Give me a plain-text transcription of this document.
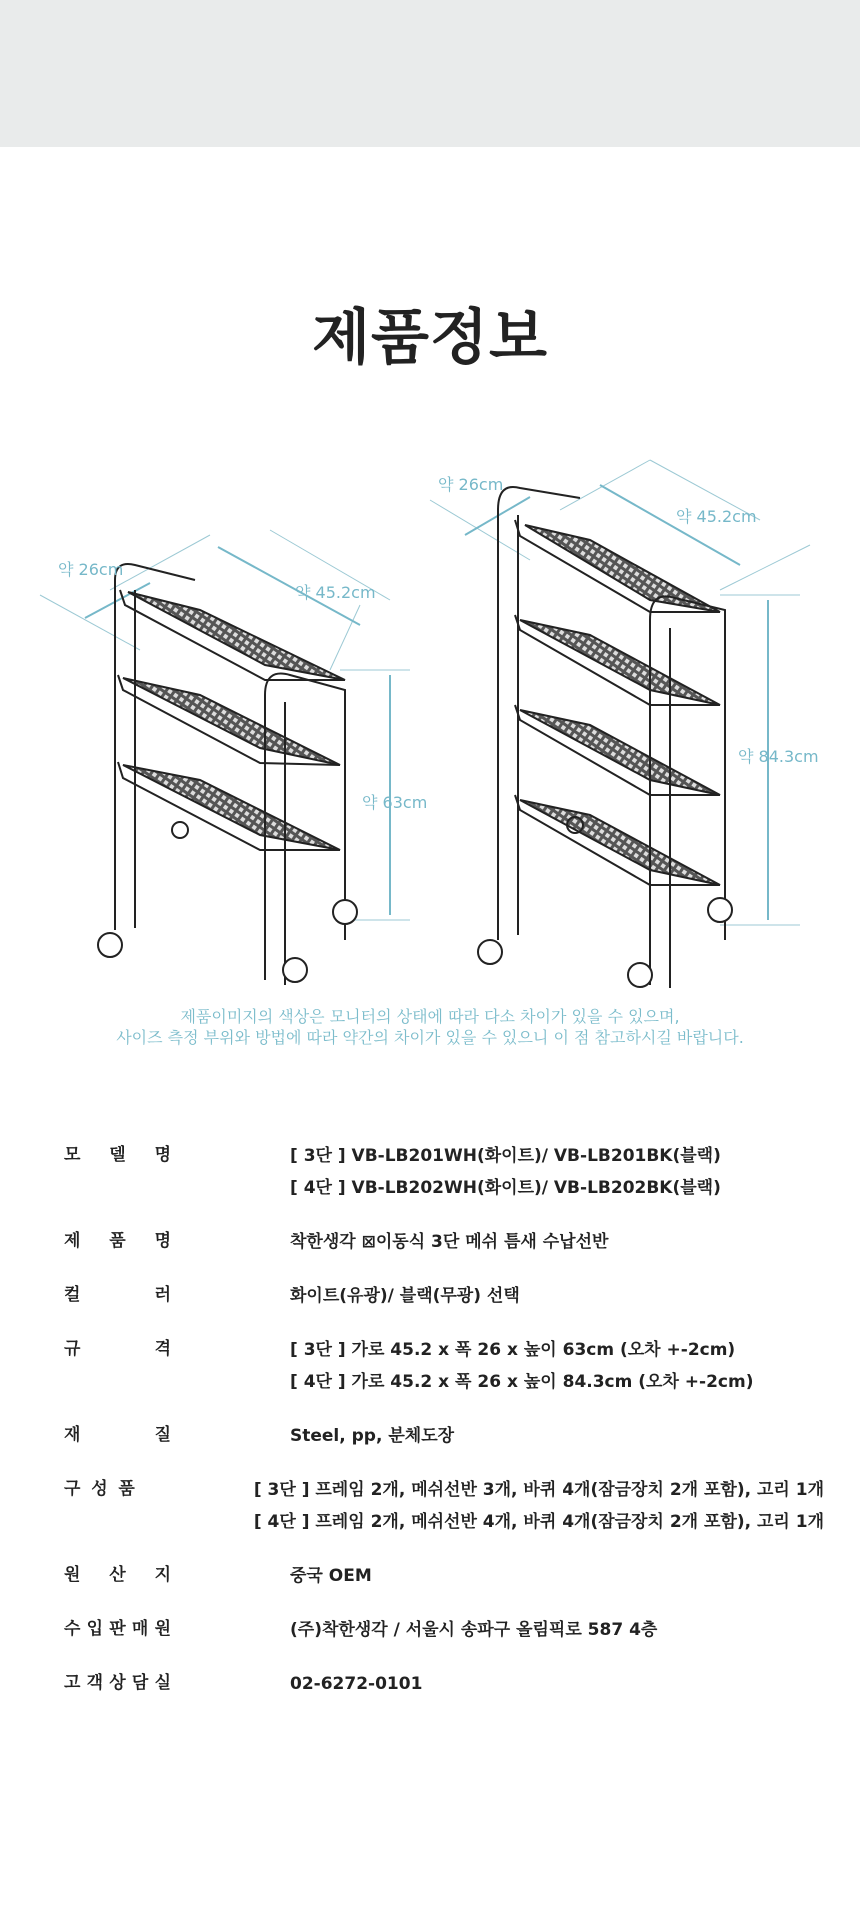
제품정보
약 26cm
약 45.2cm
약 63cm
약 26cm
약 45.2cm
약 84.3cm
제품이미지의 색상은 모니터의 상태에 따라 다소 차이가 있을 수 있으며,
사이즈 측정 부위와 방법에 따라 약간의 차이가 있을 수 있으니 이 점 참고하시길 바랍니다.
모 델 명	[ 3단 ] VB-LB201WH(화이트)/ VB-LB201BK(블랙)
[ 4단 ] VB-LB202WH(화이트)/ VB-LB202BK(블랙)
제 품 명	착한생각 ⊠이동식 3단 메쉬 틈새 수납선반
컬	러	화이트(유광)/ 블랙(무광) 선택
규	격	[ 3단 ] 가로 45.2 x 폭 26 x 높이 63cm (오차 +-2cm)
[ 4단 ] 가로 45.2 x 폭 26 x 높이 84.3cm (오차 +-2cm)
재	질	Steel, pp, 분체도장
구 성 품	[ 3단 ] 프레임 2개, 메쉬선반 3개, 바퀴 4개(잠금장치 2개 포함), 고리 1개
[ 4단 ] 프레임 2개, 메쉬선반 4개, 바퀴 4개(잠금장치 2개 포함), 고리 1개
원 산 지	중국 OEM
수 입 판 매 원	(주)착한생각 / 서울시 송파구 올림픽로 587 4층
고 객 상 담 실	02-6272-0101
